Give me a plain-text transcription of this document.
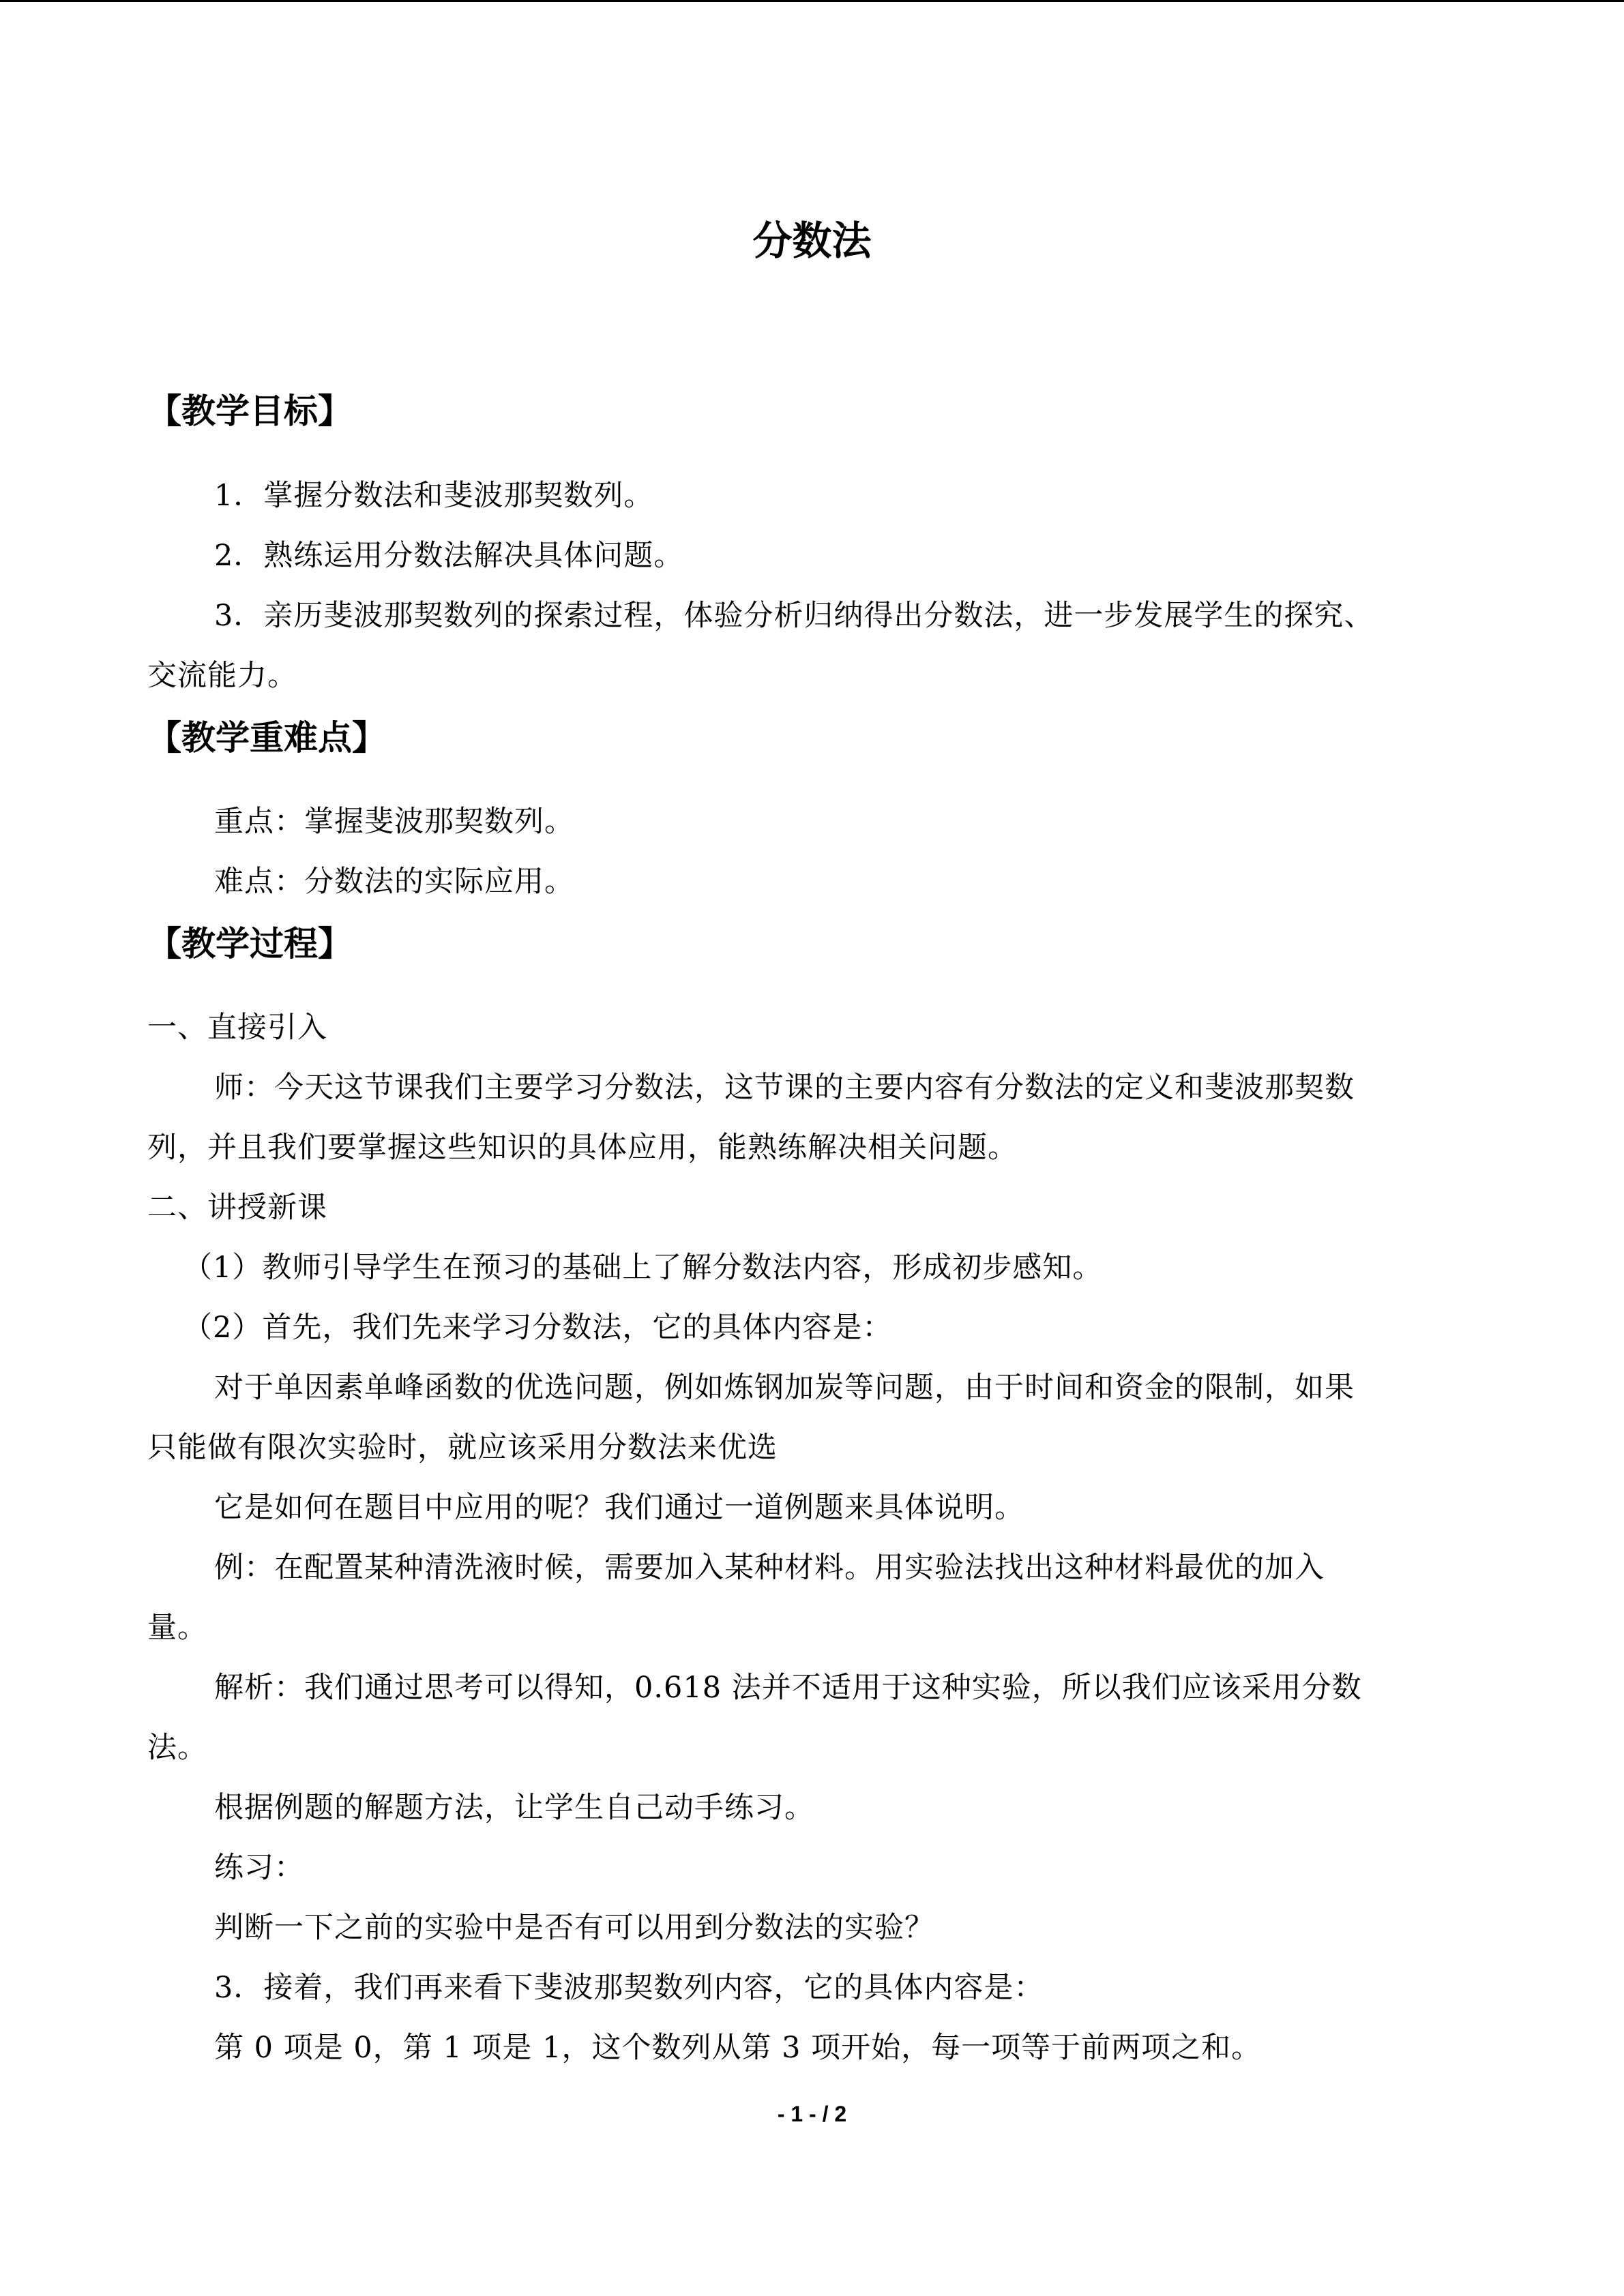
分数法
【教学目标】
1．掌握分数法和斐波那契数列。
2．熟练运用分数法解决具体问题。
3．亲历斐波那契数列的探索过程，体验分析归纳得出分数法，进一步发展学生的探究、
交流能力。
【教学重难点】
重点：掌握斐波那契数列。
难点：分数法的实际应用。
【教学过程】
一、直接引入
师：今天这节课我们主要学习分数法，这节课的主要内容有分数法的定义和斐波那契数
列，并且我们要掌握这些知识的具体应用，能熟练解决相关问题。
二、讲授新课
（1）教师引导学生在预习的基础上了解分数法内容，形成初步感知。
（2）首先，我们先来学习分数法，它的具体内容是：
对于单因素单峰函数的优选问题，例如炼钢加炭等问题，由于时间和资金的限制，如果
只能做有限次实验时，就应该采用分数法来优选
它是如何在题目中应用的呢？我们通过一道例题来具体说明。
例：在配置某种清洗液时候，需要加入某种材料。用实验法找出这种材料最优的加入
量。
解析：我们通过思考可以得知，0.618 法并不适用于这种实验，所以我们应该采用分数
法。
根据例题的解题方法，让学生自己动手练习。
练习：
判断一下之前的实验中是否有可以用到分数法的实验？
3．接着，我们再来看下斐波那契数列内容，它的具体内容是：
第 0 项是 0，第 1 项是 1，这个数列从第 3 项开始，每一项等于前两项之和。
- 1 - / 2
